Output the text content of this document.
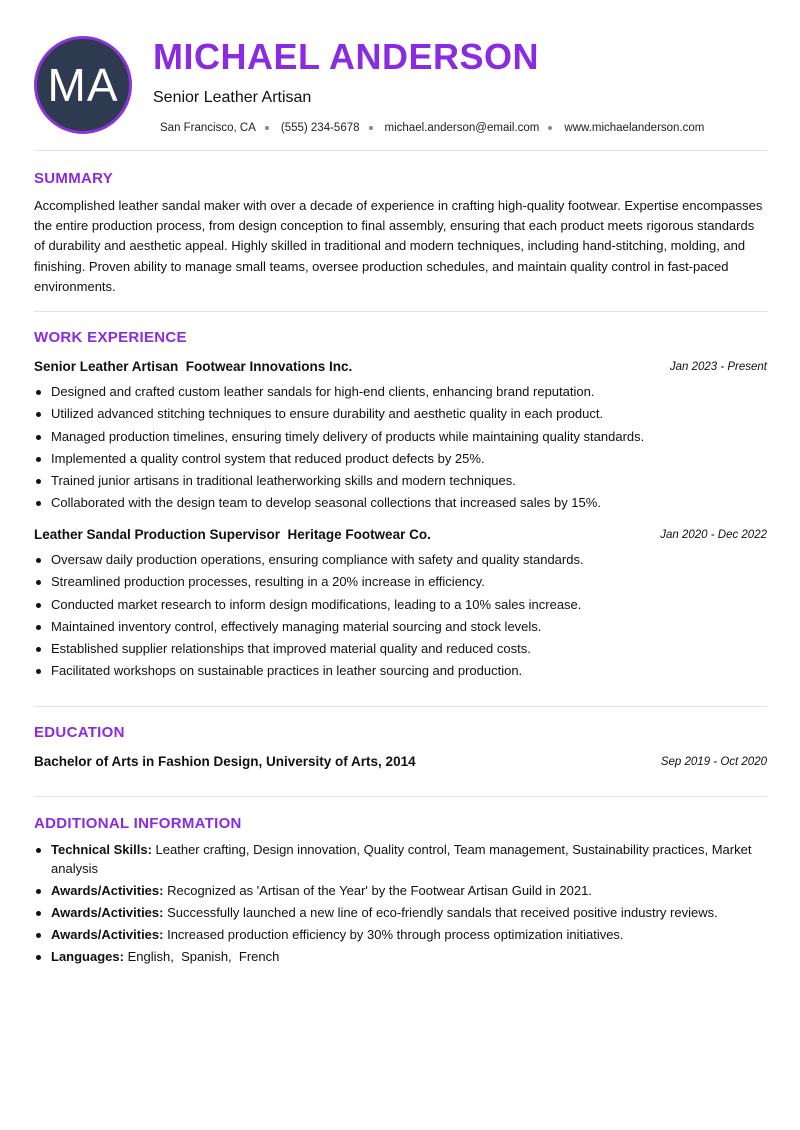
MA
MICHAEL ANDERSON
Senior Leather Artisan
San Francisco, CA (555) 234-5678 michael.anderson@email.com www.michaelanderson.com
SUMMARY
Accomplished leather sandal maker with over a decade of experience in crafting high-quality footwear. Expertise encompasses the entire production process, from design conception to final assembly, ensuring that each product meets rigorous standards of durability and aesthetic appeal. Highly skilled in traditional and modern techniques, including hand-stitching, molding, and finishing. Proven ability to manage small teams, oversee production schedules, and maintain quality control in fast-paced environments.
WORK EXPERIENCE
Senior Leather Artisan  Footwear Innovations Inc.	Jan 2023 - Present
Designed and crafted custom leather sandals for high-end clients, enhancing brand reputation.
Utilized advanced stitching techniques to ensure durability and aesthetic quality in each product.
Managed production timelines, ensuring timely delivery of products while maintaining quality standards.
Implemented a quality control system that reduced product defects by 25%.
Trained junior artisans in traditional leatherworking skills and modern techniques.
Collaborated with the design team to develop seasonal collections that increased sales by 15%.
Leather Sandal Production Supervisor  Heritage Footwear Co.	Jan 2020 - Dec 2022
Oversaw daily production operations, ensuring compliance with safety and quality standards.
Streamlined production processes, resulting in a 20% increase in efficiency.
Conducted market research to inform design modifications, leading to a 10% sales increase.
Maintained inventory control, effectively managing material sourcing and stock levels.
Established supplier relationships that improved material quality and reduced costs.
Facilitated workshops on sustainable practices in leather sourcing and production.
EDUCATION
Bachelor of Arts in Fashion Design, University of Arts, 2014	Sep 2019 - Oct 2020
ADDITIONAL INFORMATION
Technical Skills: Leather crafting, Design innovation, Quality control, Team management, Sustainability practices, Market analysis
Awards/Activities: Recognized as 'Artisan of the Year' by the Footwear Artisan Guild in 2021.
Awards/Activities: Successfully launched a new line of eco-friendly sandals that received positive industry reviews.
Awards/Activities: Increased production efficiency by 30% through process optimization initiatives.
Languages: English,  Spanish,  French
